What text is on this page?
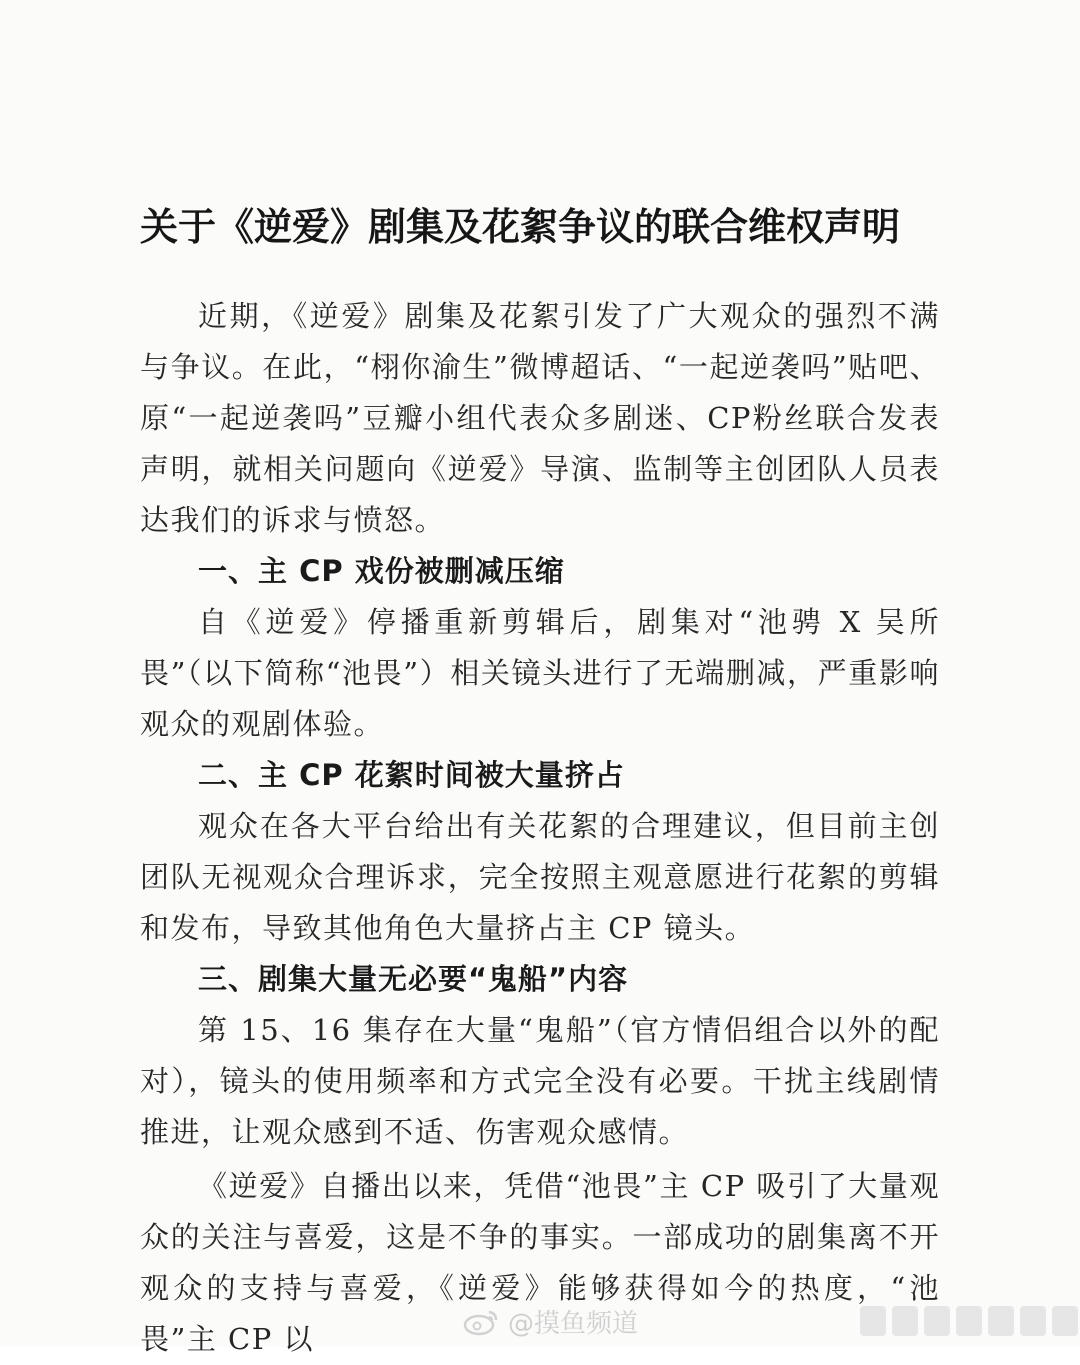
关于《逆爱》剧集及花絮争议的联合维权声明

近期，《逆爱》剧集及花絮引发了广大观众的强烈不满与争议。在此，“栩你渝生”微博超话、“一起逆袭吗”贴吧、原“一起逆袭吗”豆瓣小组代表众多剧迷、CP粉丝联合发表声明，就相关问题向《逆爱》导演、监制等主创团队人员表达我们的诉求与愤怒。

一、主 CP 戏份被删减压缩

自《逆爱》停播重新剪辑后，剧集对“池骋 X 吴所畏”（以下简称“池畏”）相关镜头进行了无端删减，严重影响观众的观剧体验。

二、主 CP 花絮时间被大量挤占

观众在各大平台给出有关花絮的合理建议，但目前主创团队无视观众合理诉求，完全按照主观意愿进行花絮的剪辑和发布，导致其他角色大量挤占主 CP 镜头。

三、剧集大量无必要“鬼船”内容

第 15、16 集存在大量“鬼船”（官方情侣组合以外的配对），镜头的使用频率和方式完全没有必要。干扰主线剧情推进，让观众感到不适、伤害观众感情。

《逆爱》自播出以来，凭借“池畏”主 CP 吸引了大量观众的关注与喜爱，这是不争的事实。一部成功的剧集离不开观众的支持与喜爱，《逆爱》能够获得如今的热度，“池畏”主 CP 以	@摸鱼频道
